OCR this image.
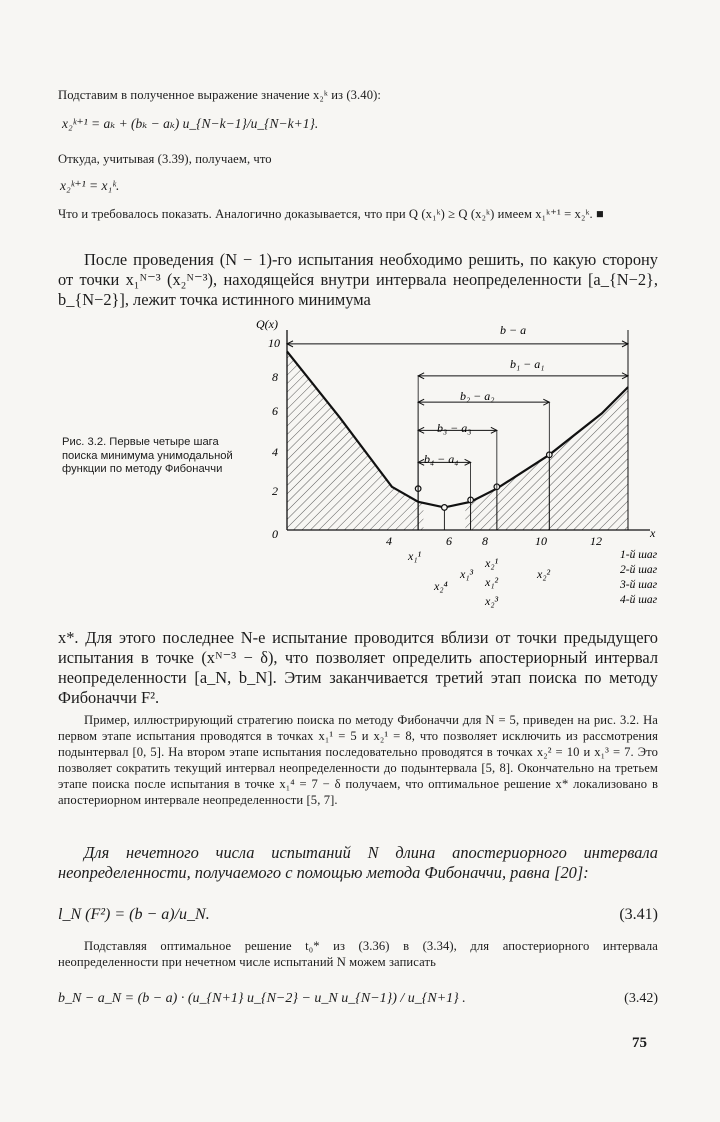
Подставим в полученное выражение значение x₂ᵏ из (3.40):
x₂ᵏ⁺¹ = aₖ + (bₖ − aₖ) u_{N−k−1}/u_{N−k+1}.
Откуда, учитывая (3.39), получаем, что
x₂ᵏ⁺¹ = x₁ᵏ.
Что и требовалось показать. Аналогично доказывается, что при Q (x₁ᵏ) ≥ Q (x₂ᵏ) имеем x₁ᵏ⁺¹ = x₂ᵏ. ■
После проведения (N − 1)-го испытания необходимо решить, по какую сторону от точки x₁ᴺ⁻³ (x₂ᴺ⁻³), находящейся внутри интервала неопределенности [a_{N−2}, b_{N−2}], лежит точка истинного минимума
Рис. 3.2. Первые четыре шага поиска минимума унимодальной функции по методу Фибоначчи
Q(x)
x
10
8
6
4
2
0	4	6	8	10	12
b − a
b₁ − a₁
b₂ − a₂
b₃ − a₃
b₄ − a₄
x₁¹
x₁³
x₂¹
x₁²
x₂²
x₂³
x₂⁴
1-й шаг
2-й шаг
3-й шаг
4-й шаг
x*. Для этого последнее N-е испытание проводится вблизи от точки предыдущего испытания в точке (xᴺ⁻³ − δ), что позволяет определить апостериорный интервал неопределенности [a_N, b_N]. Этим заканчивается третий этап поиска по методу Фибоначчи F².
Пример, иллюстрирующий стратегию поиска по методу Фибоначчи для N = 5, приведен на рис. 3.2. На первом этапе испытания проводятся в точках x₁¹ = 5 и x₂¹ = 8, что позволяет исключить из рассмотрения подынтервал [0, 5]. На втором этапе испытания последовательно проводятся в точках x₂² = 10 и x₁³ = 7. Это позволяет сократить текущий интервал неопределенности до подынтервала [5, 8]. Окончательно на третьем этапе поиска после испытания в точке x₁⁴ = 7 − δ получаем, что оптимальное решение x* локализовано в апостериорном интервале неопределенности [5, 7].
Для нечетного числа испытаний N длина апостериорного интервала неопределенности, получаемого с помощью метода Фибоначчи, равна [20]:
l_N (F²) = (b − a)/u_N.	(3.41)
Подставляя оптимальное решение t₀* из (3.36) в (3.34), для апостериорного интервала неопределенности при нечетном числе испытаний N можем записать
b_N − a_N = (b − a) · (u_{N+1} u_{N−2} − u_N u_{N−1}) / u_{N+1} .	(3.42)
75
